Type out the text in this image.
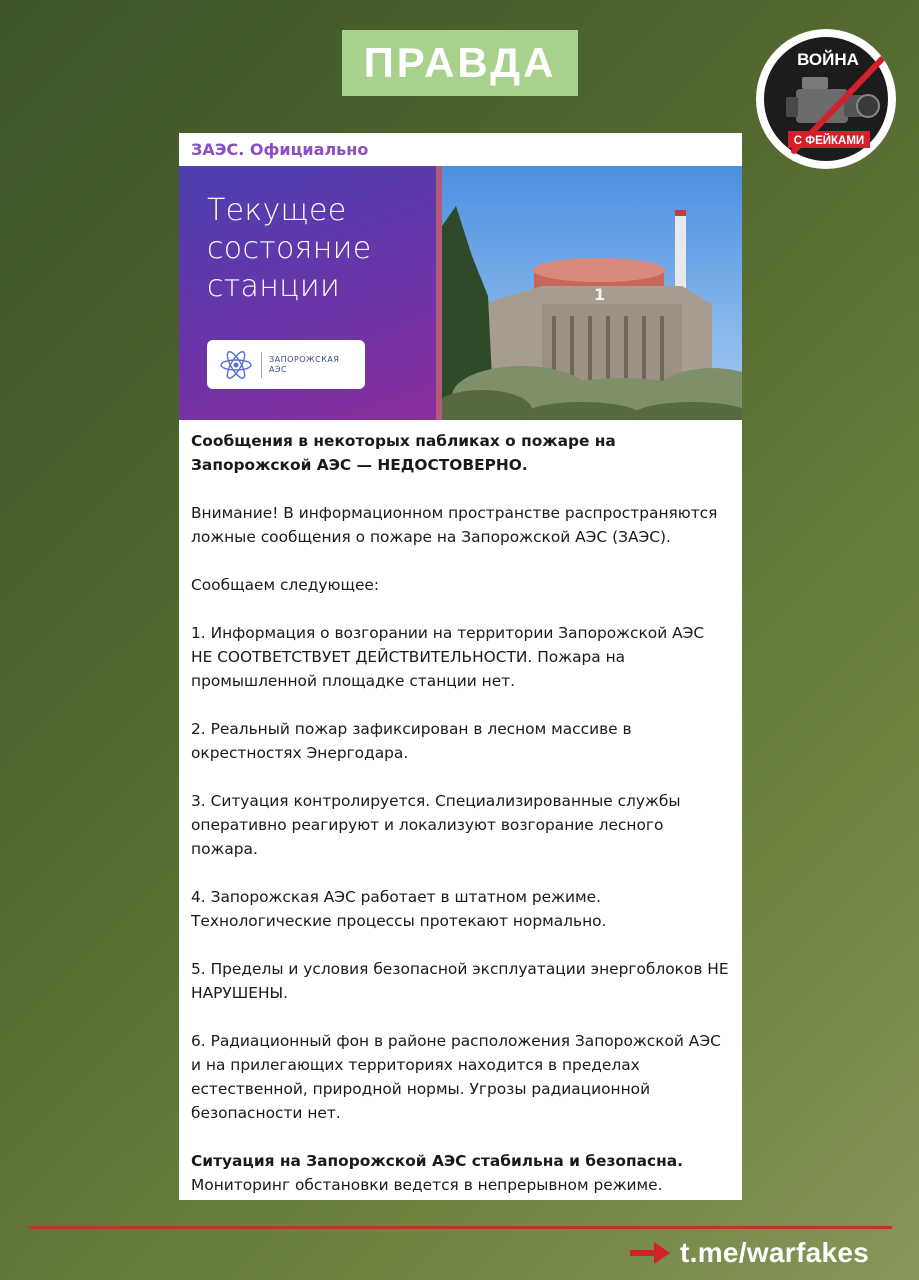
ПРАВДА	ВОЙНА
С ФЕЙКАМИ
ЗАЭС. Официально
Текущее
состояние
станции
ЗАПОРОЖСКАЯ
АЭС
1

Сообщения в некоторых пабликах о пожаре на Запорожской АЭС — НЕДОСТОВЕРНО.

Внимание! В информационном пространстве распространяются ложные сообщения о пожаре на Запорожской АЭС (ЗАЭС).

Сообщаем следующее:

1. Информация о возгорании на территории Запорожской АЭС НЕ СООТВЕТСТВУЕТ ДЕЙСТВИТЕЛЬНОСТИ. Пожара на промышленной площадке станции нет.

2. Реальный пожар зафиксирован в лесном массиве в окрестностях Энергодара.

3. Ситуация контролируется. Специализированные службы оперативно реагируют и локализуют возгорание лесного пожара.

4. Запорожская АЭС работает в штатном режиме. Технологические процессы протекают нормально.

5. Пределы и условия безопасной эксплуатации энергоблоков НЕ НАРУШЕНЫ.

6. Радиационный фон в районе расположения Запорожской АЭС и на прилегающих территориях находится в пределах естественной, природной нормы. Угрозы радиационной безопасности нет.

Ситуация на Запорожской АЭС стабильна и безопасна.

Мониторинг обстановки ведется в непрерывном режиме.

t.me/warfakes
